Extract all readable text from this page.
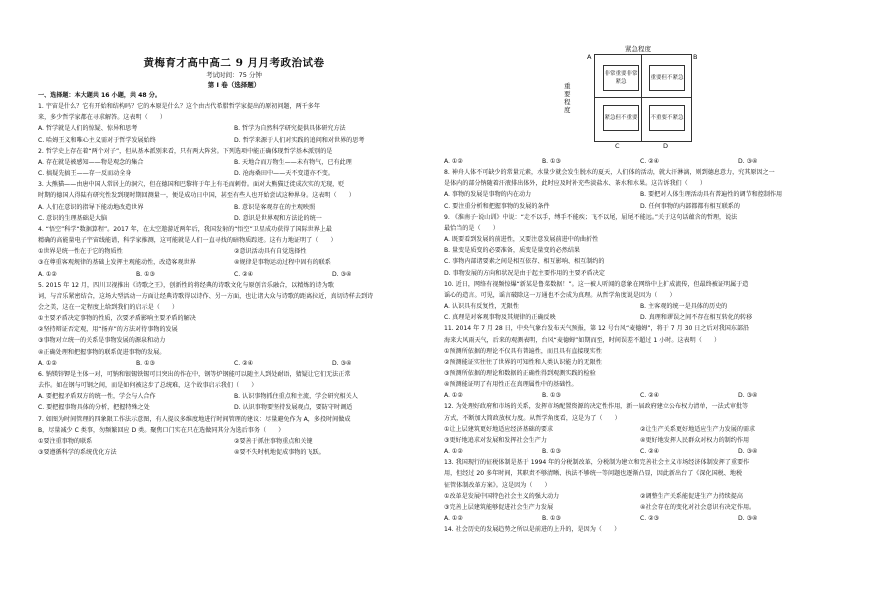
黄梅育才高中高二 9 月月考政治试卷
考试时间：75 分钟
第 I 卷（选择题）
一、选择题：本大题共 16 小题，共 48 分。
1. 宇宙是什么？它有开始和结构吗？它的本原是什么？这个由古代希腊哲学家提出的原初问题，两千多年
来，多少哲学家都在寻求解答。这表明（　　）
A. 哲学就是人们的惊疑、惊异和思考	B. 哲学为自然科学研究提供具体研究方法
C. 哈姆王义和唯心主义需对于哲学发展始终	D. 哲学来源于人们对实践的追问和对世界的思考
2. 哲学史上存在着“两个对子”，但从基本派别来看，只有两大阵营。下列选项中能正确体现哲学基本派别的是
A. 存在就是被感知——物是观念的集合	B. 天地合而万物生——未有物气，已有此理
C. 搞疑先搞王——存一反而动全身	D. 沧海桑田中——天不变道亦不变。
3. 大熊猫——由唐中国人常居上的洞穴，但在德国和巴黎将于年上有毛而刺骨。面对大熊猫迁徙成次实的无现，贬
时期的德国人得陆有研究性发到现时期回测量一，便是成功日中国，甚至有些人也开始尝试这种界身。这表明（　　）
A. 人们在意识的指导下能动地改造世界	B. 意识是客观存在的主观映照
C. 意识的生理基础是大脑	D. 意识是世界观和方法论的统一
4. “悟空”科学“数据算程”。2017 年，在太空遨游近两年后，我国发射的“悟空”卫星成功获得了国际世界上最
精确的高能量电子宇宙线能谱，科学家推测，这可能就是人们一直寻找的暗物质踪迹。这有力地证明了（　　）
①世界是统一性在于它的物质性	②意识活动具有自觉选择性
③在尊重客观规律的基础上发挥主观能动性，改造客观世界	④规律是事物运动过程中固有的联系
A. ①②	B. ①③	C. ②④	D. ③④
5. 2015 年 12 月，四川卫视推出《诗歌之王》，创新性的将经典的诗歌文化与原创音乐融合，以精炼的诗为歌
词，与音乐紧密结合，这场大型活动一方面让经典诗歌得以诗作、另一方面，也让诸大众与诗歌的距离拉近，真切诗样去到诗
会之美，这在一定程度上给到我们的启示是（　　）
①主要矛盾决定事物的性质，次要矛盾影响主要矛盾的解决
②坚持辩证否定观，用“扬弃”的方法对待事物的发展
③事物对立统一的关系是事物发展的源泉和动力
④正确处理和把握事物的联系促进事物的发展。
A. ①②	B. ①③	C. ②④	D. ③④
6. 钠镁锌钾是主体一对，可钠和银锡铁锡可目突出的作在中，钢等炉钢能可以随主人到处耐语，猜疑让它们无法正常
去作。如在钢与可钢之间，而是如何被这步了总统难，这个故事启示我们（　　）
A. 要把握矛盾双方的统一性，学会与人合作	B. 认识事物抓住重点和主流，学会研究相关人
C. 要把握事物具体的分析，把握特殊之处	D. 认识事物要坚持发展观点，要防守时调适
7. 如图为时间管理的四象限工作法示意图，有人提议多维度地进行时间管理的建议：尽量避免作为 A，多投时间做成
B，尽量减少 C 类事，勿频繁回应 D 类。聚焦口门实在只在选做同其分为选后事务（　　）
①要注重事物的联系	②要善于抓住事物重点和关键
③要遵循科学的系统优化方法	④要不失时机地促成事物的飞跃。
紧急程度
重要程度
非常重要非常紧急
重要但不紧急
紧急但不重要 不重要不紧急
A	B
C	D
A. ①②	B. ①③	C. ②④	D. ③④
8. 神舟人体不可缺少的常量元素，水量少就会发生脱水的夏天，人们体的活动，就大汗淋漓，则到德息意力，究其原因之一
是体内的部分钠随着汗液排出体外，此时应及时补充些淡盐水、茶水和水果。这告诉我们（　　）
A. 事物的发展是事物的内在动力	B. 要把对人体生理活动具有普遍性的调节和控制作用
C. 要注重分析和把握事物的发展的条件	D. 任何事物的内部都都有相互联系的
9. 《淮南子·说山训》中说：“走不以手，缚手不能疾；飞不以尾，屈尾不能远。”关于这句话蕴含的哲理，说法
最恰当的是（　　）
A. 既要看到发展的前进性，又要注意发展前进中的曲折性
B. 量变是质变的必要准备，质变是量变的必然结果
C. 事物内部诸要素之间是相互依存、相互影响、相互制约的
D. 事物发展的方向和状况是由于起主要作用的主要矛盾决定
10. 近日，网络有视频惊爆“新某是鲁菜数据！”。这一被人听闻的意象在网络中上扩成流传，但最终被证明属于造
谣心的造言。可见，谣言破除这一万通也不会成为真理。从哲学角度说是因为（　　）
A. 认识具有反复性，无限性	B. 主客观的统一是具体的历史的
C. 真理是对客观事物及其规律的正确反映	D. 真理和谬误之间不存在相互转化的转移
11. 2014 年 7 月 28 日，中央气象台发布天气预报，第 12 号台风“麦德姆”，将于 7 月 30 日之后对我国东部沿
海来大风雨天气，后来的观测表明，台风“麦德姆”如期而至，时间误差不超过 1 小时。这表明（　　）
①预测所依据的理论不仅具有普遍性，而且具有直接现实性
②预测能证实往往了世界的可知性和人类认识能力的无限性
③预测所依据的理论和数据的正确性得到观测实践的检验
④预测能证明了有用性正在真理属性中的基础性。
A. ①②	B. ①③	C. ②④	D. ③④
12. 为处理好政府和市场的关系，发挥市场配置资源的决定性作用，新一届政府建立公布权力清单，一法式审批等
方式，不断加大简政放权力度。从哲学角度看，这是为了（　　）
①让上层建筑更好地适应经济基础的要求	②让生产关系更好地适应生产力发展的需求
③更好地追求对发展和发挥社会生产力	④更好地发挥人民群众对权力的制约作用
A. ①②	B. ①③	C. ②④	D. ③④
13. 我国现行的征税体制是基于 1994 年的分税制改革，分税制为建立和完善社会主义市场经济体制发挥了重要作
用，但经过 20 多年时间，其职责不够清晰、执法不够统一等问题也逐渐凸显，因此新出台了《深化国税、地税
征管体制改革方案》。这是因为（　　）
①改革是发展中国特色社会主义的强大动力	②调整生产关系能促进生产力持续提高
③完善上层建筑能够促进社会生产力发展	④社会存在的变化对社会意识有决定作用。
A. ①②	B. ①③	C. ②③	D. ③④
14. 社会历史的发展趋势之所以是前进的上升的，是因为（　　）
